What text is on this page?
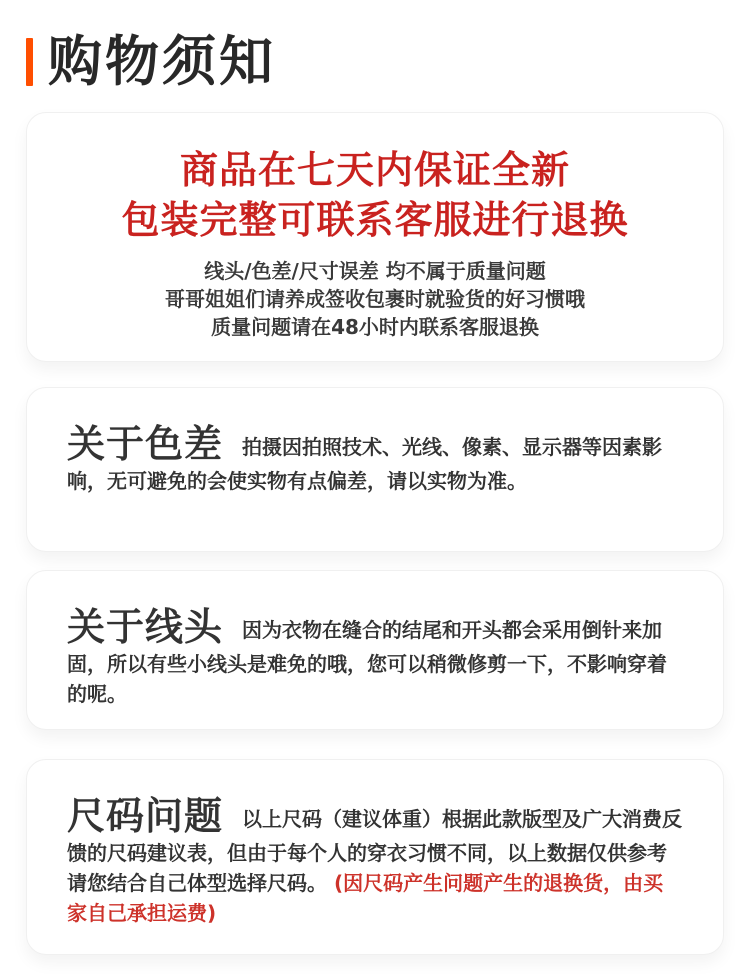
购物须知
商品在七天内保证全新
包装完整可联系客服进行退换
线头/色差/尺寸误差 均不属于质量问题
哥哥姐姐们请养成签收包裹时就验货的好习惯哦
质量问题请在48小时内联系客服退换

关于色差 拍摄因拍照技术、光线、像素、显示器等因素影响，无可避免的会使实物有点偏差，请以实物为准。

关于线头 因为衣物在缝合的结尾和开头都会采用倒针来加固，所以有些小线头是难免的哦，您可以稍微修剪一下，不影响穿着的呢。

尺码问题 以上尺码（建议体重）根据此款版型及广大消费反馈的尺码建议表，但由于每个人的穿衣习惯不同，以上数据仅供参考请您结合自己体型选择尺码。 (因尺码产生问题产生的退换货，由买家自己承担运费)
